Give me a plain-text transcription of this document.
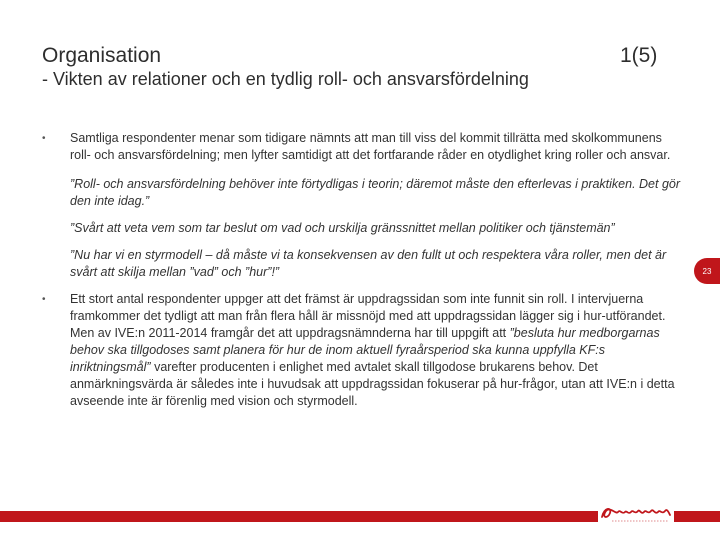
Organisation	1(5)
- Vikten av relationer och en tydlig roll- och ansvarsfördelning
• Samtliga respondenter menar som tidigare nämnts att man till viss del kommit tillrätta med skolkommunens roll- och ansvarsfördelning; men lyfter samtidigt att det fortfarande råder en otydlighet kring roller och ansvar.
”Roll- och ansvarsfördelning behöver inte förtydligas i teorin; däremot måste den efterlevas i praktiken. Det gör den inte idag.”
”Svårt att veta vem som tar beslut om vad och urskilja gränssnittet mellan politiker och tjänstemän”
”Nu har vi en styrmodell – då måste vi ta konsekvensen av den fullt ut och respektera våra roller, men det är svårt att skilja mellan ”vad” och ”hur”!”
• Ett stort antal respondenter uppger att det främst är uppdragssidan som inte funnit sin roll. I intervjuerna framkommer det tydligt att man från flera håll är missnöjd med att uppdragssidan lägger sig i hur-utförandet. Men av IVE:n 2011-2014 framgår det att uppdragsnämnderna har till uppgift att ”besluta hur medborgarnas behov ska tillgodoses samt planera för hur de inom aktuell fyraårsperiod ska kunna uppfylla KF:s inriktningsmål” varefter producenten i enlighet med avtalet skall tillgodose brukarens behov. Det anmärkningsvärda är således inte i huvudsak att uppdragssidan fokuserar på hur-frågor, utan att IVE:n i detta avseende inte är förenlig med vision och styrmodell.
23
